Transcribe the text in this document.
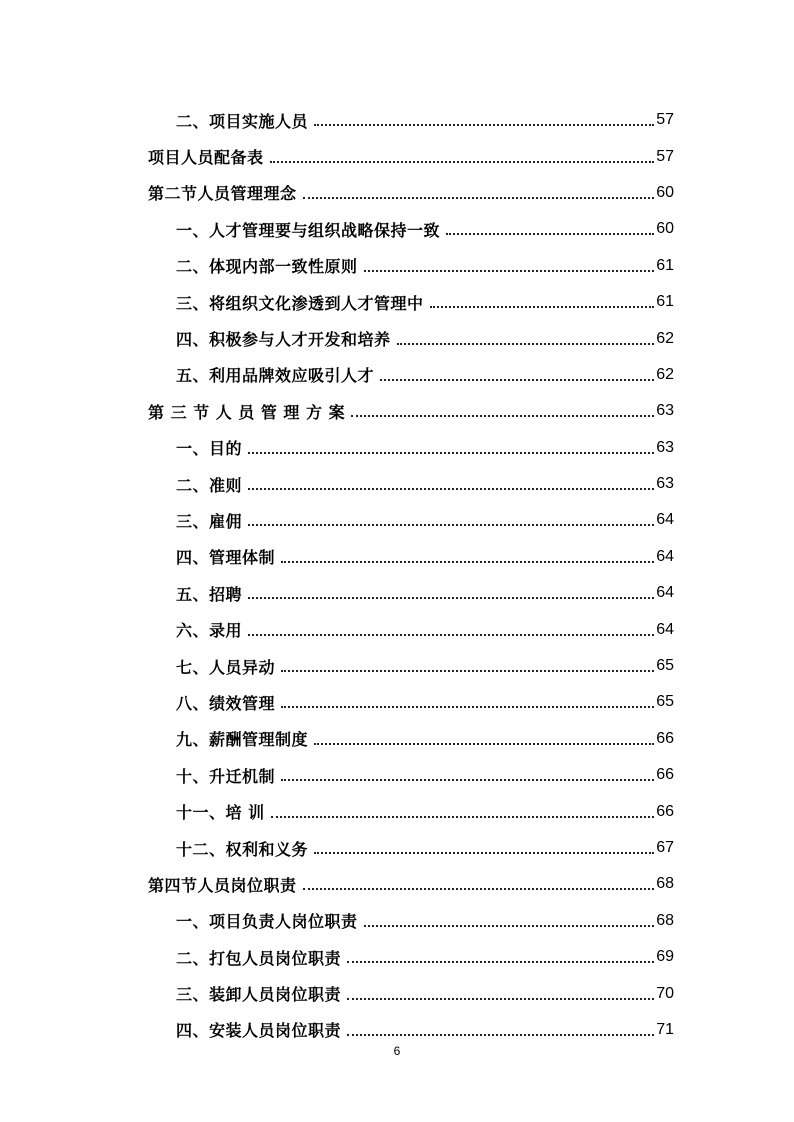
二、项目实施人员	57
项目人员配备表	57
第二节人员管理理念	60
一、人才管理要与组织战略保持一致	60
二、体现内部一致性原则	61
三、将组织文化渗透到人才管理中	61
四、积极参与人才开发和培养	62
五、利用品牌效应吸引人才	62
第 三 节 人 员 管 理 方 案	63
一、目的	63
二、准则	63
三、雇佣	64
四、管理体制	64
五、招聘	64
六、录用	64
七、人员异动	65
八、绩效管理	65
九、薪酬管理制度	66
十、升迁机制	66
十一、培 训	66
十二、权利和义务	67
第四节人员岗位职责	68
一、项目负责人岗位职责	68
二、打包人员岗位职责	69
三、装卸人员岗位职责	70
四、安装人员岗位职责	71
6
